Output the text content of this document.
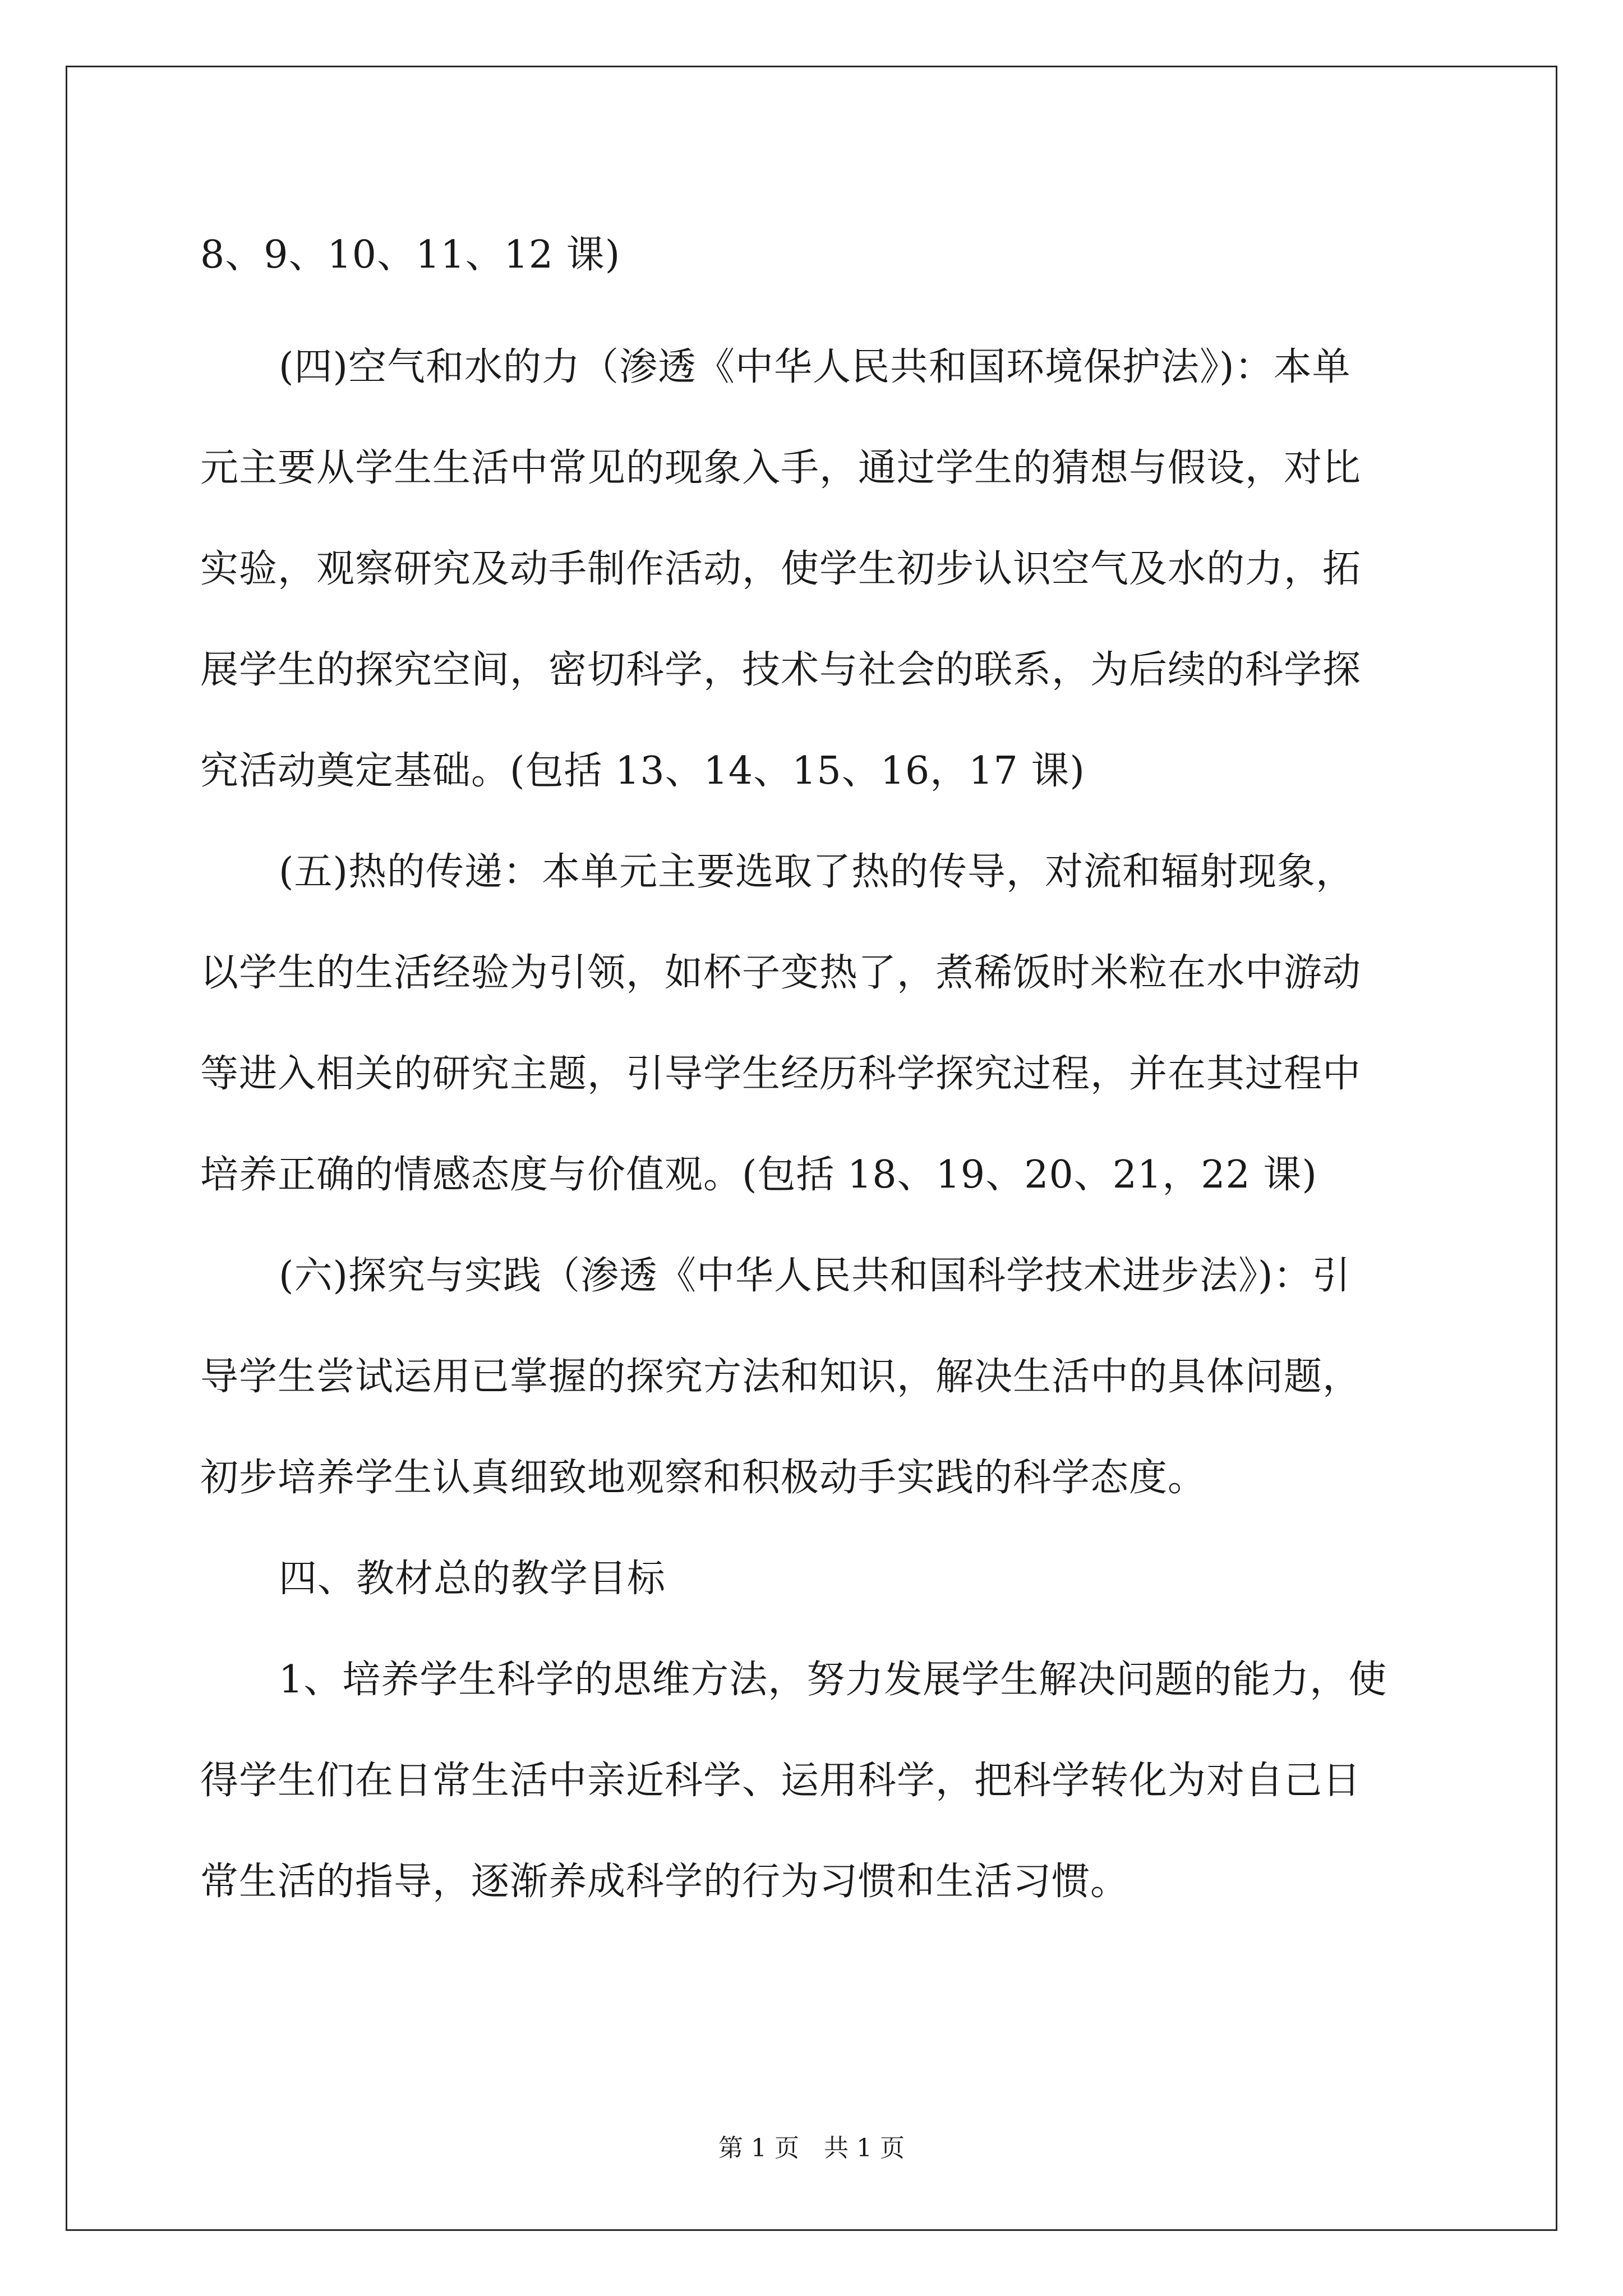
8、9、10、11、12 课)
(四)空气和水的力（渗透《中华人民共和国环境保护法》)：本单
元主要从学生生活中常见的现象入手，通过学生的猜想与假设，对比
实验，观察研究及动手制作活动，使学生初步认识空气及水的力，拓
展学生的探究空间，密切科学，技术与社会的联系，为后续的科学探
究活动奠定基础。(包括 13、14、15、16，17 课)
(五)热的传递：本单元主要选取了热的传导，对流和辐射现象，
以学生的生活经验为引领，如杯子变热了，煮稀饭时米粒在水中游动
等进入相关的研究主题，引导学生经历科学探究过程，并在其过程中
培养正确的情感态度与价值观。(包括 18、19、20、21，22 课)
(六)探究与实践（渗透《中华人民共和国科学技术进步法》)：引
导学生尝试运用已掌握的探究方法和知识，解决生活中的具体问题，
初步培养学生认真细致地观察和积极动手实践的科学态度。
四、教材总的教学目标
1、培养学生科学的思维方法，努力发展学生解决问题的能力，使
得学生们在日常生活中亲近科学、运用科学，把科学转化为对自己日
常生活的指导，逐渐养成科学的行为习惯和生活习惯。
第 1 页　共 1 页
